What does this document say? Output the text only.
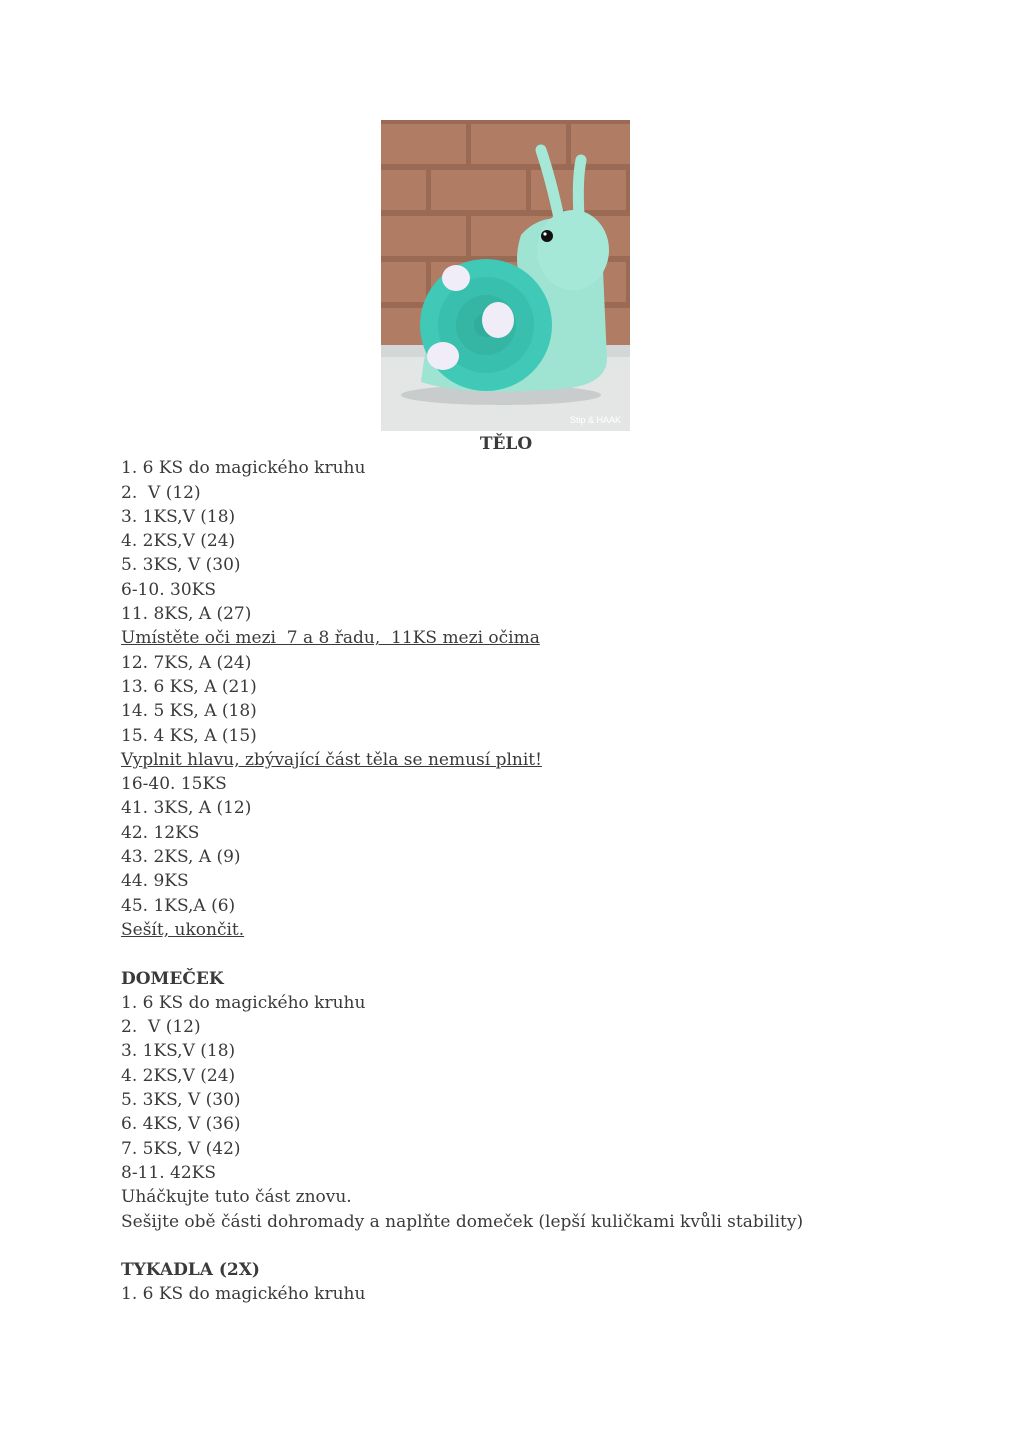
Stip & HAAK
TĚLO
1. 6 KS do magického kruhu
2.  V (12)
3. 1KS,V (18)
4. 2KS,V (24)
5. 3KS, V (30)
6-10. 30KS
11. 8KS, A (27)
Umístěte oči mezi  7 a 8 řadu,  11KS mezi očima
12. 7KS, A (24)
13. 6 KS, A (21)
14. 5 KS, A (18)
15. 4 KS, A (15)
Vyplnit hlavu, zbývající část těla se nemusí plnit!
16-40. 15KS
41. 3KS, A (12)
42. 12KS
43. 2KS, A (9)
44. 9KS
45. 1KS,A (6)
Sešít, ukončit.
DOMEČEK
1. 6 KS do magického kruhu
2.  V (12)
3. 1KS,V (18)
4. 2KS,V (24)
5. 3KS, V (30)
6. 4KS, V (36)
7. 5KS, V (42)
8-11. 42KS
Uháčkujte tuto část znovu.
Sešijte obě části dohromady a naplňte domeček (lepší kuličkami kvůli stability)
TYKADLA (2X)
1. 6 KS do magického kruhu
